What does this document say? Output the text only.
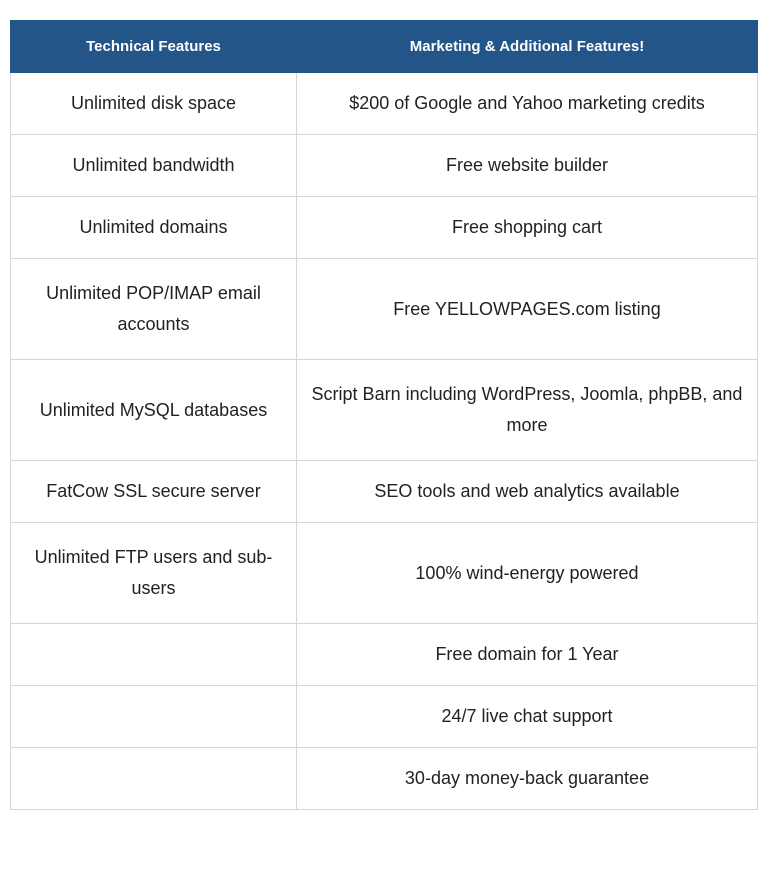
Technical Features	Marketing & Additional Features!
Unlimited disk space	$200 of Google and Yahoo marketing credits
Unlimited bandwidth	Free website builder
Unlimited domains	Free shopping cart
Unlimited POP/IMAP email accounts	Free YELLOWPAGES.com listing
Unlimited MySQL databases	Script Barn including WordPress, Joomla, phpBB, and more
FatCow SSL secure server	SEO tools and web analytics available
Unlimited FTP users and sub-users	100% wind-energy powered
	Free domain for 1 Year
	24/7 live chat support
	30-day money-back guarantee
